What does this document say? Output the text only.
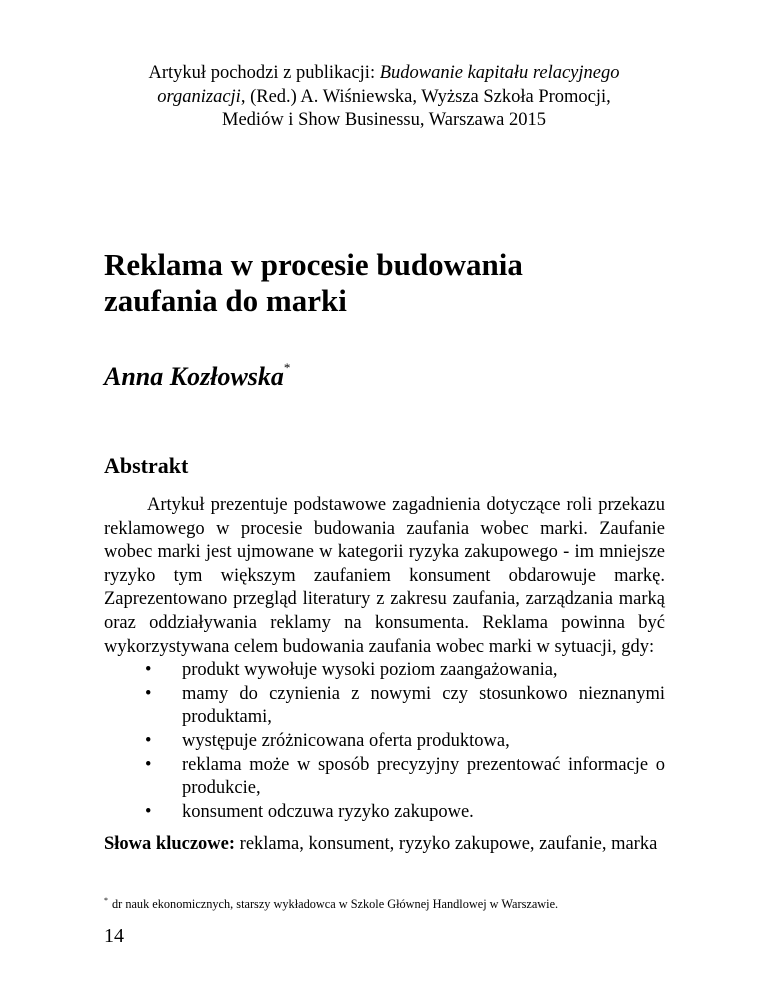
Artykuł pochodzi z publikacji: Budowanie kapitału relacyjnego
organizacji, (Red.) A. Wiśniewska, Wyższa Szkoła Promocji,
Mediów i Show Businessu, Warszawa 2015
Reklama w procesie budowania
zaufania do marki
Anna Kozłowska*
Abstrakt

Artykuł prezentuje podstawowe zagadnienia dotyczące roli przekazu reklamowego w procesie budowania zaufania wobec marki. Zaufanie wobec marki jest ujmowane w kategorii ryzyka zakupowego - im mniejsze ryzyko tym większym zaufaniem konsument obdarowuje markę. Zaprezentowano przegląd literatury z zakresu zaufania, zarządzania marką oraz oddziaływania reklamy na konsumenta. Reklama powinna być wykorzystywana celem budowania zaufania wobec marki w sytuacji, gdy:

• produkt wywołuje wysoki poziom zaangażowania,
• mamy do czynienia z nowymi czy stosunkowo nieznanymi produktami,
• występuje zróżnicowana oferta produktowa,
• reklama może w sposób precyzyjny prezentować informacje o produkcie,
• konsument odczuwa ryzyko zakupowe.
Słowa kluczowe: reklama, konsument, ryzyko zakupowe, zaufanie, marka
* dr nauk ekonomicznych, starszy wykładowca w Szkole Głównej Handlowej w Warszawie.
14
